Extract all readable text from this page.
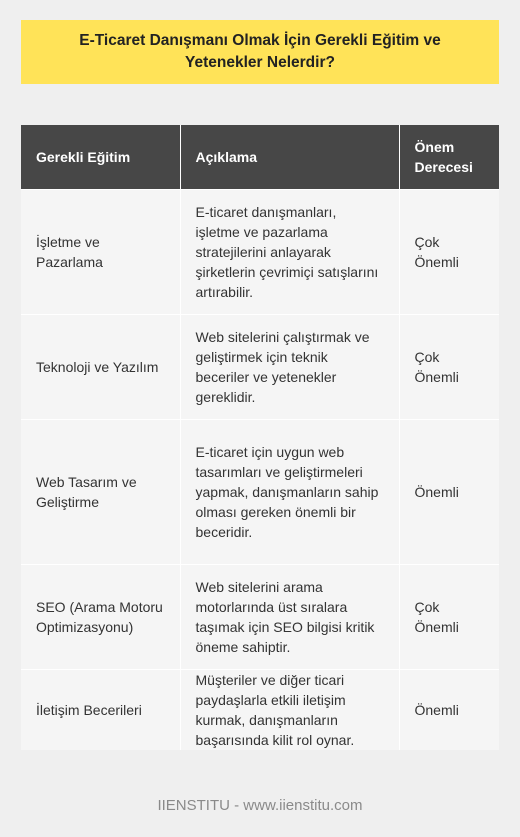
E-Ticaret Danışmanı Olmak İçin Gerekli Eğitim ve Yetenekler Nelerdir?
Gerekli Eğitim	Açıklama	Önem Derecesi
İşletme ve Pazarlama	E-ticaret danışmanları, işletme ve pazarlama stratejilerini anlayarak şirketlerin çevrimiçi satışlarını artırabilir.	Çok Önemli
Teknoloji ve Yazılım	Web sitelerini çalıştırmak ve geliştirmek için teknik beceriler ve yetenekler gereklidir.	Çok Önemli
Web Tasarım ve Geliştirme	E-ticaret için uygun web tasarımları ve geliştirmeleri yapmak, danışmanların sahip olması gereken önemli bir beceridir.	Önemli
SEO (Arama Motoru Optimizasyonu)	Web sitelerini arama motorlarında üst sıralara taşımak için SEO bilgisi kritik öneme sahiptir.	Çok Önemli
İletişim Becerileri	Müşteriler ve diğer ticari paydaşlarla etkili iletişim kurmak, danışmanların başarısında kilit rol oynar.	Önemli
IIENSTITU - www.iienstitu.com
